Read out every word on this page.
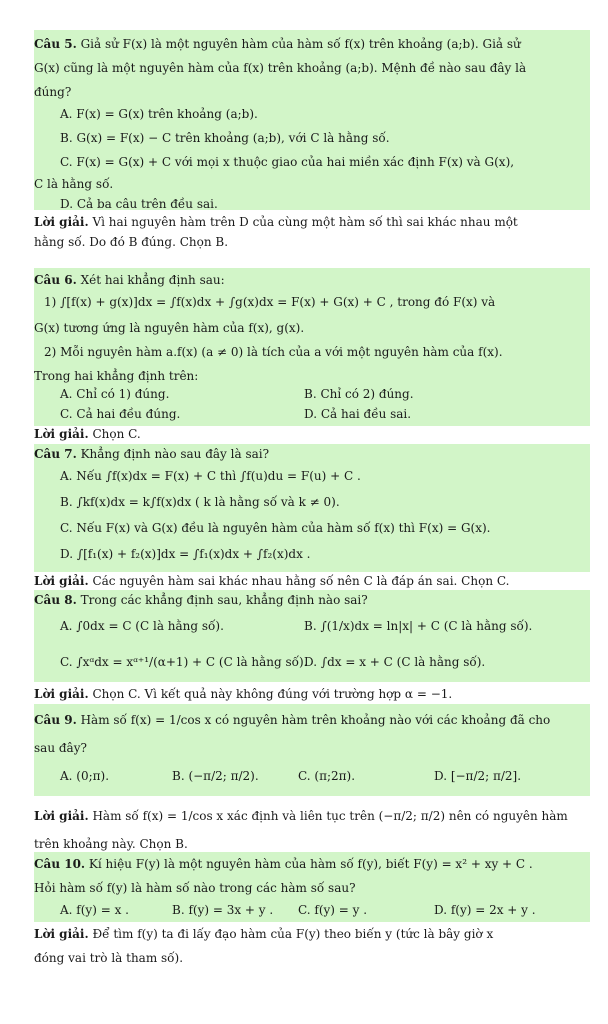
Câu 5. Giả sử F(x) là một nguyên hàm của hàm số f(x) trên khoảng (a;b). Giả sử
G(x) cũng là một nguyên hàm của f(x) trên khoảng (a;b). Mệnh đề nào sau đây là
đúng?
A. F(x) = G(x) trên khoảng (a;b).
B. G(x) = F(x) − C trên khoảng (a;b), với C là hằng số.
C. F(x) = G(x) + C với mọi x thuộc giao của hai miền xác định F(x) và G(x),
C là hằng số.
D. Cả ba câu trên đều sai.
Lời giải. Vì hai nguyên hàm trên D của cùng một hàm số thì sai khác nhau một
hằng số. Do đó B đúng. Chọn B.
Câu 6. Xét hai khẳng định sau:
1) ∫[f(x) + g(x)]dx = ∫f(x)dx + ∫g(x)dx = F(x) + G(x) + C , trong đó F(x) và
G(x) tương ứng là nguyên hàm của f(x), g(x).
2) Mỗi nguyên hàm a.f(x) (a ≠ 0) là tích của a với một nguyên hàm của f(x).
Trong hai khẳng định trên:
A. Chỉ có 1) đúng.	B. Chỉ có 2) đúng.
C. Cả hai đều đúng.	D. Cả hai đều sai.
Lời giải. Chọn C.
Câu 7. Khẳng định nào sau đây là sai?
A. Nếu ∫f(x)dx = F(x) + C thì ∫f(u)du = F(u) + C .
B. ∫kf(x)dx = k∫f(x)dx ( k là hằng số và k ≠ 0).
C. Nếu F(x) và G(x) đều là nguyên hàm của hàm số f(x) thì F(x) = G(x).
D. ∫[f₁(x) + f₂(x)]dx = ∫f₁(x)dx + ∫f₂(x)dx .
Lời giải. Các nguyên hàm sai khác nhau hằng số nên C là đáp án sai. Chọn C.
Câu 8. Trong các khẳng định sau, khẳng định nào sai?
A. ∫0dx = C (C là hằng số).	B. ∫(1/x)dx = ln|x| + C (C là hằng số).
C. ∫xᵅdx = xᵅ⁺¹/(α+1) + C (C là hằng số).
D. ∫dx = x + C (C là hằng số).
Lời giải. Chọn C. Vì kết quả này không đúng với trường hợp α = −1.
Câu 9. Hàm số f(x) = 1/cos x có nguyên hàm trên khoảng nào với các khoảng đã cho
sau đây?
A. (0;π).	B. (−π/2; π/2).	C. (π;2π).	D. [−π/2; π/2].
Lời giải. Hàm số f(x) = 1/cos x xác định và liên tục trên (−π/2; π/2) nên có nguyên hàm
trên khoảng này. Chọn B.
Câu 10. Kí hiệu F(y) là một nguyên hàm của hàm số f(y), biết F(y) = x² + xy + C .
Hỏi hàm số f(y) là hàm số nào trong các hàm số sau?
A. f(y) = x .	B. f(y) = 3x + y . C. f(y) = y .	D. f(y) = 2x + y .
Lời giải. Để tìm f(y) ta đi lấy đạo hàm của F(y) theo biến y (tức là bây giờ x
đóng vai trò là tham số).
